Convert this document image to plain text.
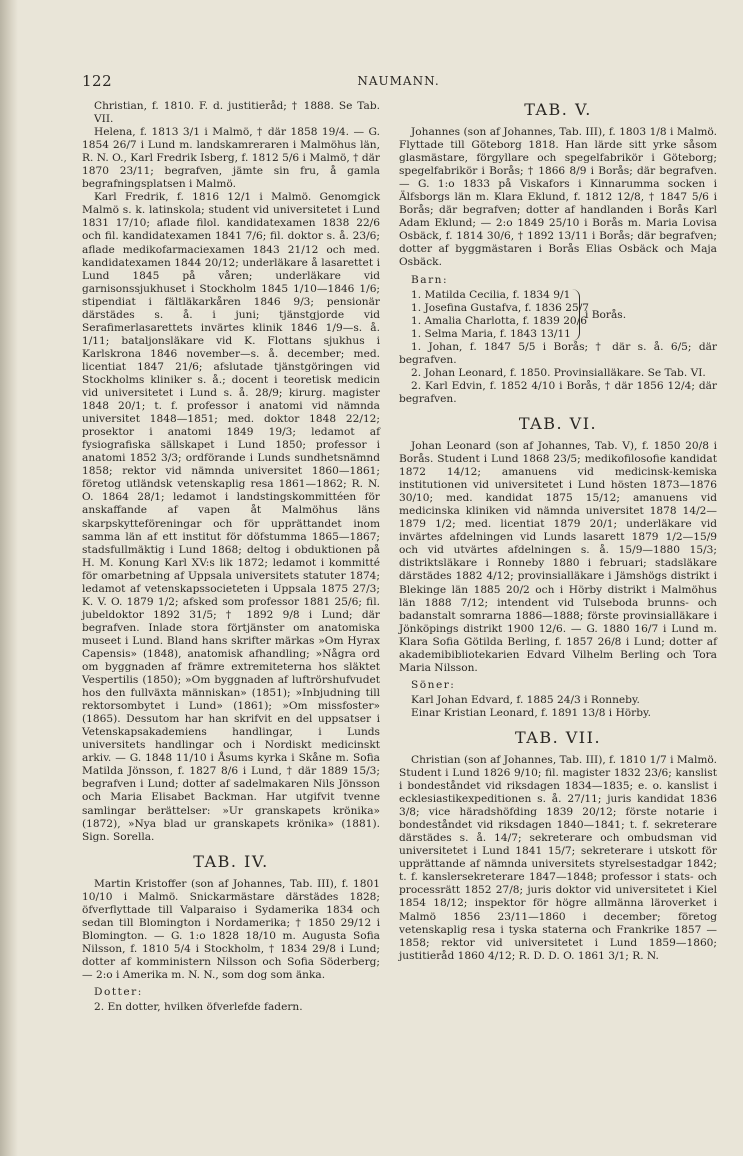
122	NAUMANN.

Christian, f. 1810. F. d. justitieråd; † 1888. Se Tab. VII.

Helena, f. 1813 3/1 i Malmö, † där 1858 19/4. — G. 1854 26/7 i Lund m. landskamreraren i Malmöhus län, R. N. O., Karl Fredrik Isberg, f. 1812 5/6 i Malmö, † där 1870 23/11; begrafven, jämte sin fru, å gamla begrafningsplatsen i Malmö.

Karl Fredrik, f. 1816 12/1 i Malmö. Genomgick Malmö s. k. latinskola; student vid universitetet i Lund 1831 17/10; aflade filol. kandidatexamen 1838 22/6 och fil. kandidatexamen 1841 7/6; fil. doktor s. å. 23/6; aflade medikofarmaciexamen 1843 21/12 och med. kandidatexamen 1844 20/12; underläkare å lasarettet i Lund 1845 på våren; underläkare vid garnisonssjukhuset i Stockholm 1845 1/10—1846 1/6; stipendiat i fältläkarkåren 1846 9/3; pensionär därstädes s. å. i juni; tjänstgjorde vid Serafimerlasarettets invärtes klinik 1846 1/9—s. å. 1/11; bataljonsläkare vid K. Flottans sjukhus i Karlskrona 1846 november—s. å. december; med. licentiat 1847 21/6; afslutade tjänstgöringen vid Stockholms kliniker s. å.; docent i teoretisk medicin vid universitetet i Lund s. å. 28/9; kirurg. magister 1848 20/1; t. f. professor i anatomi vid nämnda universitet 1848—1851; med. doktor 1848 22/12; prosektor i anatomi 1849 19/3; ledamot af fysiografiska sällskapet i Lund 1850; professor i anatomi 1852 3/3; ordförande i Lunds sundhetsnämnd 1858; rektor vid nämnda universitet 1860—1861; företog utländsk vetenskaplig resa 1861—1862; R. N. O. 1864 28/1; ledamot i landstingskommittéen för anskaffande af vapen åt Malmöhus läns skarpskytteföreningar och för upprättandet inom samma län af ett institut för döfstumma 1865—1867; stadsfullmäktig i Lund 1868; deltog i obduktionen på H. M. Konung Karl XV:s lik 1872; ledamot i kommitté för omarbetning af Uppsala universitets statuter 1874; ledamot af vetenskapssocieteten i Uppsala 1875 27/3; K. V. O. 1879 1/2; afsked som professor 1881 25/6; fil. jubeldoktor 1892 31/5; † 1892 9/8 i Lund; där begrafven. Inlade stora förtjänster om anatomiska museet i Lund. Bland hans skrifter märkas »Om Hyrax Capensis» (1848), anatomisk afhandling; »Några ord om byggnaden af främre extremiteterna hos släktet Vespertilis (1850); »Om byggnaden af luftrörshufvudet hos den fullväxta människan» (1851); »Inbjudning till rektorsombytet i Lund» (1861); »Om missfoster» (1865). Dessutom har han skrifvit en del uppsatser i Vetenskapsakademiens handlingar, i Lunds universitets handlingar och i Nordiskt medicinskt arkiv. — G. 1848 11/10 i Åsums kyrka i Skåne m. Sofia Matilda Jönsson, f. 1827 8/6 i Lund, † där 1889 15/3; begrafven i Lund; dotter af sadelmakaren Nils Jönsson och Maria Elisabet Backman. Har utgifvit tvenne samlingar berättelser: »Ur granskapets krönika» (1872), »Nya blad ur granskapets krönika» (1881). Sign. Sorella.

TAB. IV.

Martin Kristoffer (son af Johannes, Tab. III), f. 1801 10/10 i Malmö. Snickarmästare därstädes 1828; öfverflyttade till Valparaiso i Sydamerika 1834 och sedan till Blomington i Nordamerika; † 1850 29/12 i Blomington. — G. 1:o 1828 18/10 m. Augusta Sofia Nilsson, f. 1810 5/4 i Stockholm, † 1834 29/8 i Lund; dotter af komministern Nilsson och Sofia Söderberg; — 2:o i Amerika m. N. N., som dog som änka.

Dotter:

2. En dotter, hvilken öfverlefde fadern.

TAB. V.

Johannes (son af Johannes, Tab. III), f. 1803 1/8 i Malmö. Flyttade till Göteborg 1818. Han lärde sitt yrke såsom glasmästare, förgyllare och spegelfabrikör i Göteborg; spegelfabrikör i Borås; † 1866 8/9 i Borås; där begrafven. — G. 1:o 1833 på Viskafors i Kinnarumma socken i Älfsborgs län m. Klara Eklund, f. 1812 12/8, † 1847 5/6 i Borås; där begrafven; dotter af handlanden i Borås Karl Adam Eklund; — 2:o 1849 25/10 i Borås m. Maria Lovisa Osbäck, f. 1814 30/6, † 1892 13/11 i Borås; där begrafven; dotter af byggmästaren i Borås Elias Osbäck och Maja Osbäck.

Barn:

1. Matilda Cecilia, f. 1834 9/1

1. Josefina Gustafva, f. 1836 25/7

1. Amalia Charlotta, f. 1839 20/6

1. Selma Maria, f. 1843 13/11

i Borås.

1. Johan, f. 1847 5/5 i Borås; † där s. å. 6/5; där begrafven.

2. Johan Leonard, f. 1850. Provinsialläkare. Se Tab. VI.

2. Karl Edvin, f. 1852 4/10 i Borås, † där 1856 12/4; där begrafven.

TAB. VI.

Johan Leonard (son af Johannes, Tab. V), f. 1850 20/8 i Borås. Student i Lund 1868 23/5; medikofilosofie kandidat 1872 14/12; amanuens vid medicinsk-kemiska institutionen vid universitetet i Lund hösten 1873—1876 30/10; med. kandidat 1875 15/12; amanuens vid medicinska kliniken vid nämnda universitet 1878 14/2—1879 1/2; med. licentiat 1879 20/1; underläkare vid invärtes afdelningen vid Lunds lasarett 1879 1/2—15/9 och vid utvärtes afdelningen s. å. 15/9—1880 15/3; distriktsläkare i Ronneby 1880 i februari; stadsläkare därstädes 1882 4/12; provinsialläkare i Jämshögs distrikt i Blekinge län 1885 20/2 och i Hörby distrikt i Malmöhus län 1888 7/12; intendent vid Tulseboda brunns- och badanstalt somrarna 1886—1888; förste provinsialläkare i Jönköpings distrikt 1900 12/6. — G. 1880 16/7 i Lund m. Klara Sofia Götilda Berling, f. 1857 26/8 i Lund; dotter af akademibibliotekarien Edvard Vilhelm Berling och Tora Maria Nilsson.

Söner:

Karl Johan Edvard, f. 1885 24/3 i Ronneby.

Einar Kristian Leonard, f. 1891 13/8 i Hörby.

TAB. VII.

Christian (son af Johannes, Tab. III), f. 1810 1/7 i Malmö. Student i Lund 1826 9/10; fil. magister 1832 23/6; kanslist i bondeståndet vid riksdagen 1834—1835; e. o. kanslist i ecklesiastikexpeditionen s. å. 27/11; juris kandidat 1836 3/8; vice häradshöfding 1839 20/12; förste notarie i bondeståndet vid riksdagen 1840—1841; t. f. sekreterare därstädes s. å. 14/7; sekreterare och ombudsman vid universitetet i Lund 1841 15/7; sekreterare i utskott för upprättande af nämnda universitets styrelsestadgar 1842; t. f. kanslersekreterare 1847—1848; professor i stats- och processrätt 1852 27/8; juris doktor vid universitetet i Kiel 1854 18/12; inspektor för högre allmänna läroverket i Malmö 1856 23/11—1860 i december; företog vetenskaplig resa i tyska staterna och Frankrike 1857 —1858; rektor vid universitetet i Lund 1859—1860; justitieråd 1860 4/12; R. D. D. O. 1861 3/1; R. N.
